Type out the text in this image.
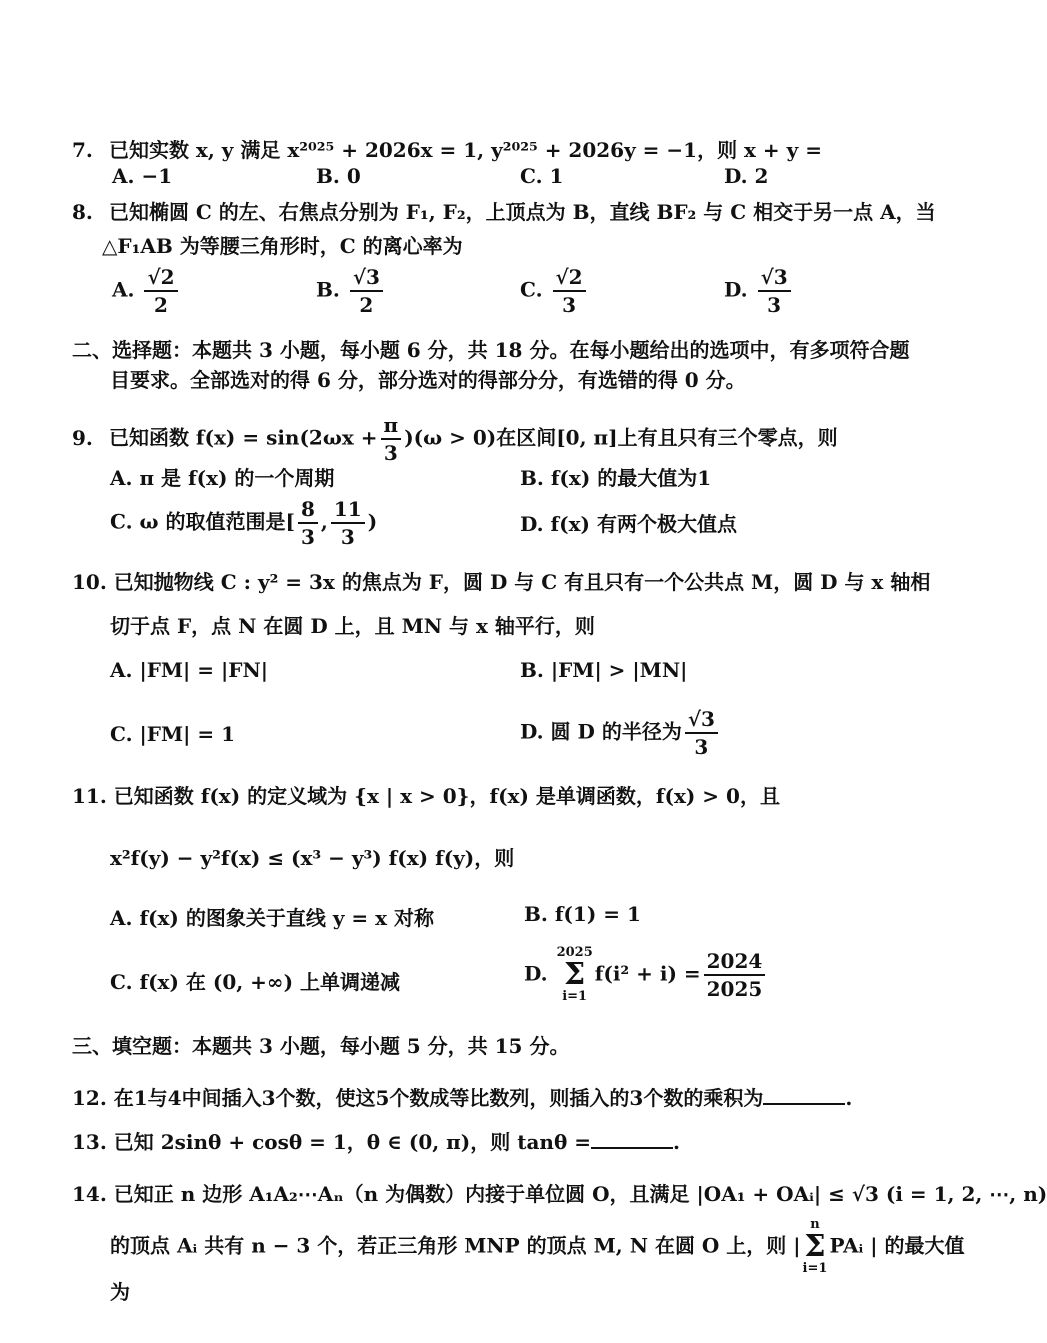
7. 已知实数 x, y 满足 x²⁰²⁵ + 2026x = 1, y²⁰²⁵ + 2026y = −1，则 x + y =
A. −1	B. 0	C. 1	D. 2
8. 已知椭圆 C 的左、右焦点分别为 F₁, F₂，上顶点为 B，直线 BF₂ 与 C 相交于另一点 A，当
△F₁AB 为等腰三角形时，C 的离心率为
A. $\frac{√2}{2}$	B. $\frac{√3}{2}$	C. $\frac{√2}{3}$	D. $\frac{√3}{3}$
二、选择题：本题共 3 小题，每小题 6 分，共 18 分。在每小题给出的选项中，有多项符合题
目要求。全部选对的得 6 分，部分选对的得部分分，有选错的得 0 分。
9. 已知函数 $f(x) = \sin(2\omega x + \frac{\pi}{3} )(\omega > 0)$在区间[0, π]上有且只有三个零点，则
A. π 是 f(x) 的一个周期	B. f(x) 的最大值为1
C. ω 的取值范围是[ $\frac{8}{3}$ , $\frac{11}{3}$ )	D. f(x) 有两个极大值点
10. 已知抛物线 C : y² = 3x 的焦点为 F，圆 D 与 C 有且只有一个公共点 M，圆 D 与 x 轴相
切于点 F，点 N 在圆 D 上，且 MN 与 x 轴平行，则
A. |FM| = |FN|	B. |FM| > |MN|
C. |FM| = 1	D. 圆 D 的半径为 $\frac{√3}{3}$
11. 已知函数 f(x) 的定义域为 {x | x > 0}，f(x) 是单调函数，f(x) > 0，且
x²f(y) − y²f(x) ≤ (x³ − y³) f(x) f(y)，则
A. f(x) 的图象关于直线 y = x 对称	B. f(1) = 1
C. f(x) 在 (0, +∞) 上单调递减	D.
2025
Σ
i=1
$f(i^2 + i) = \frac{2024}{2025}$
三、填空题：本题共 3 小题，每小题 5 分，共 15 分。
12. 在1与4中间插入3个数，使这5个数成等比数列，则插入的3个数的乘积为	.
13. 已知 2sinθ + cosθ = 1，θ ∈ (0, π)，则 tanθ =	.
14. 已知正 n 边形 A₁A₂⋯Aₙ（n 为偶数）内接于单位圆 O，且满足 |OA₁ + OAᵢ| ≤ √3 (i = 1, 2, ⋯, n)
的顶点 Aᵢ 共有 n − 3 个，若正三角形 MNP 的顶点 M, N 在圆 O 上，则 |
n
Σ
i=1
PAᵢ | 的最大值
为
